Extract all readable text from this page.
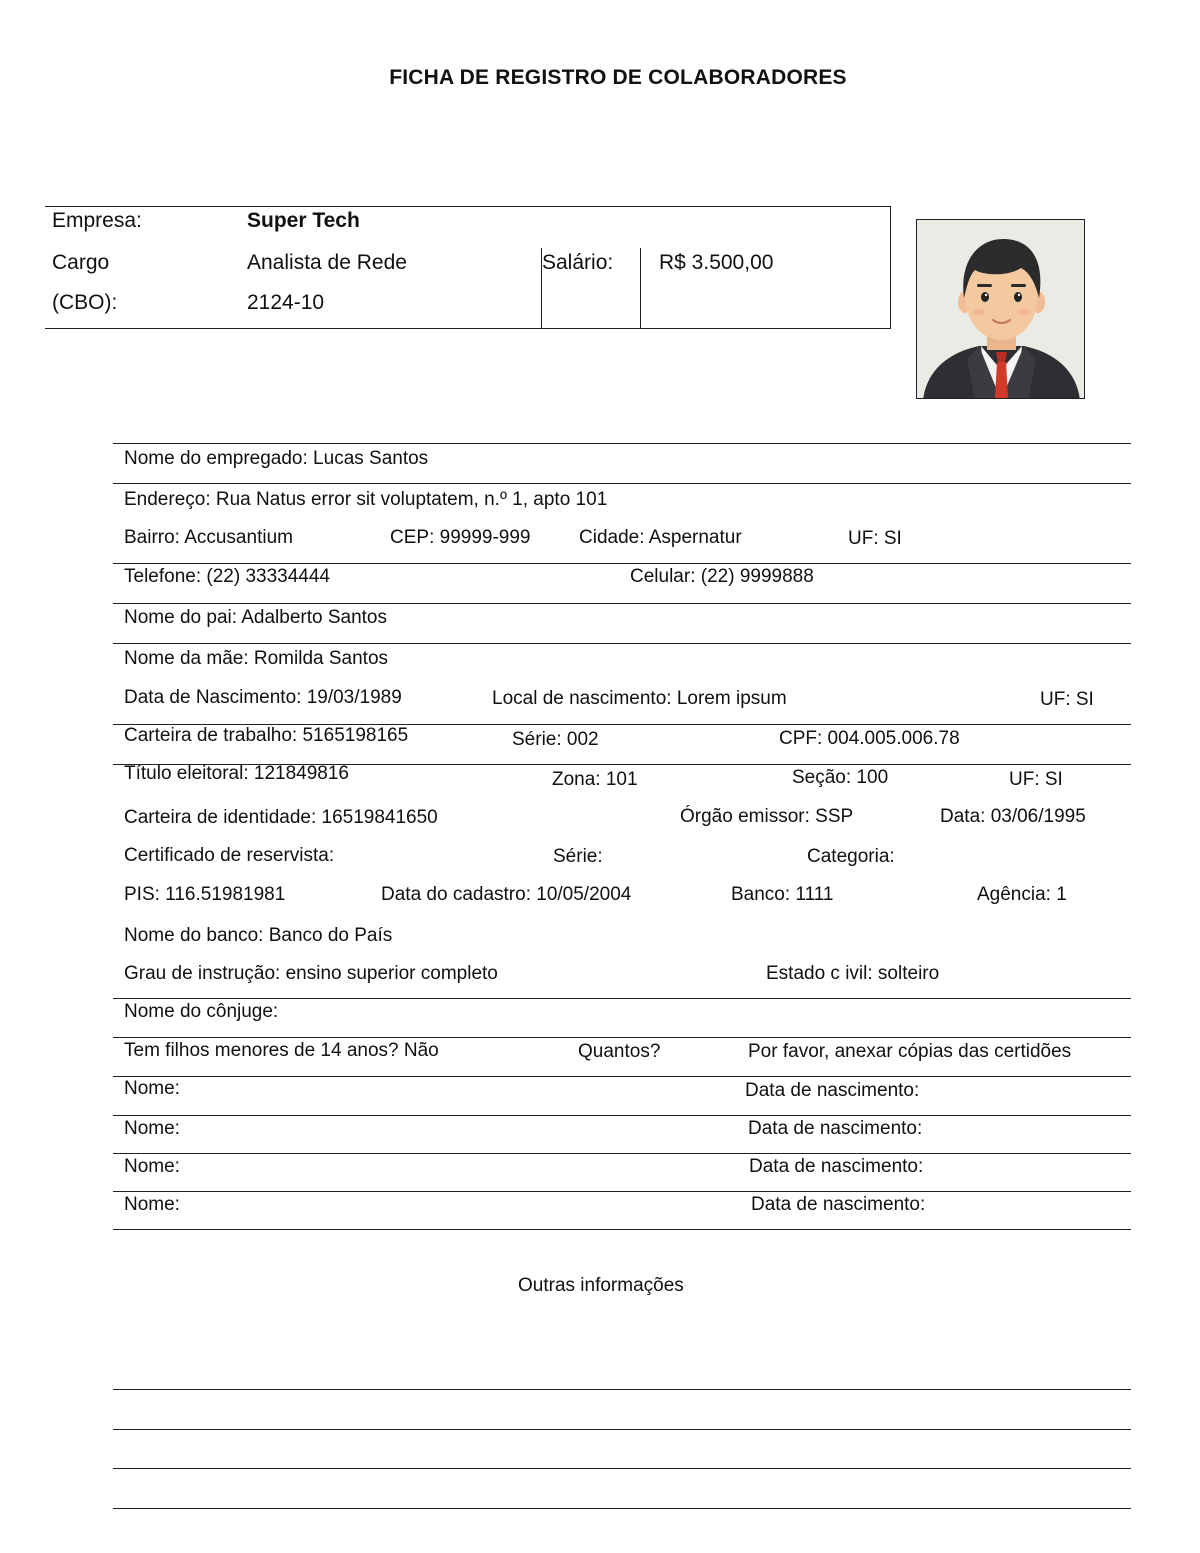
FICHA DE REGISTRO DE COLABORADORES
Empresa:	Super Tech
Cargo	Analista de Rede	Salário: R$ 3.500,00
(CBO):	2124-10
Nome do empregado: Lucas Santos
Endereço: Rua Natus error sit voluptatem, n.º 1, apto 101
Bairro: Accusantium	CEP: 99999-999	Cidade: Aspernatur	UF: SI
Telefone: (22) 33334444	Celular: (22) 9999888
Nome do pai: Adalberto Santos
Nome da mãe: Romilda Santos
Data de Nascimento: 19/03/1989	Local de nascimento: Lorem ipsum	UF: SI
Carteira de trabalho: 5165198165	Série: 002	CPF: 004.005.006.78
Título eleitoral: 121849816	Zona: 101	Seção: 100	UF: SI
Carteira de identidade: 16519841650	Órgão emissor: SSP	Data: 03/06/1995
Certificado de reservista:	Série:	Categoria:
PIS: 116.51981981	Data do cadastro: 10/05/2004	Banco: 1111	Agência: 1
Nome do banco: Banco do País
Grau de instrução: ensino superior completo	Estado c ivil: solteiro
Nome do cônjuge:
Tem filhos menores de 14 anos? Não	Quantos?	Por favor, anexar cópias das certidões
Nome:	Data de nascimento:
Nome:	Data de nascimento:
Nome:	Data de nascimento:
Nome:	Data de nascimento:
Outras informações
